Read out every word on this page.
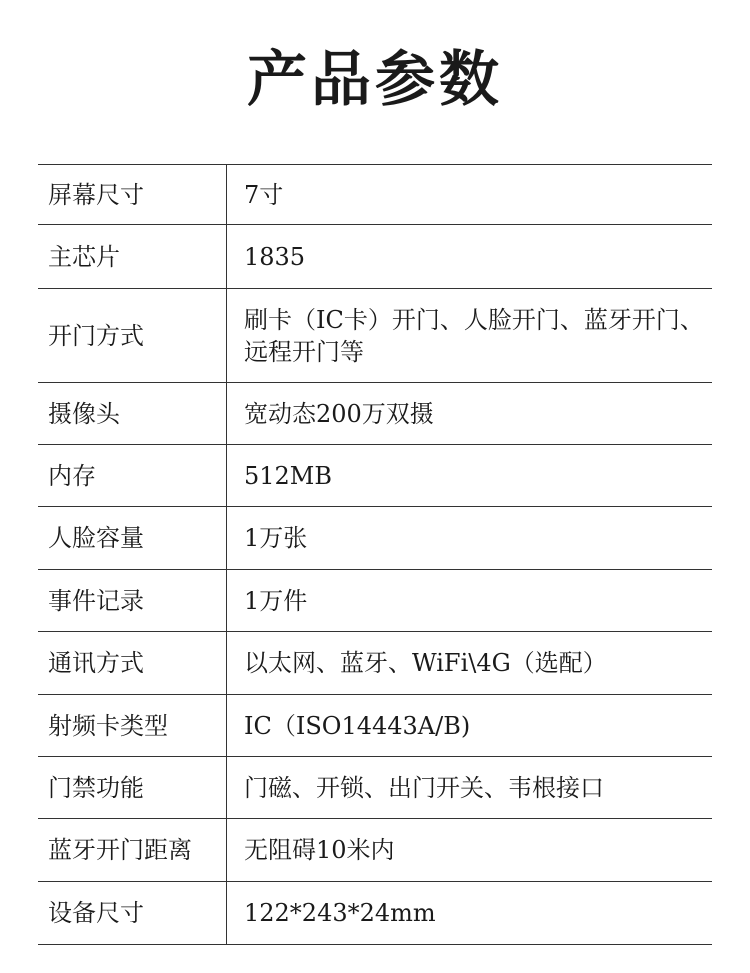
产品参数
屏幕尺寸	7寸
主芯片	1835
开门方式	刷卡（IC卡）开门、人脸开门、蓝牙开门、远程开门等
摄像头	宽动态200万双摄
内存	512MB
人脸容量	1万张
事件记录	1万件
通讯方式	以太网、蓝牙、WiFi\4G（选配）
射频卡类型	IC（ISO14443A/B)
门禁功能	门磁、开锁、出门开关、韦根接口
蓝牙开门距离	无阻碍10米内
设备尺寸	122*243*24mm
